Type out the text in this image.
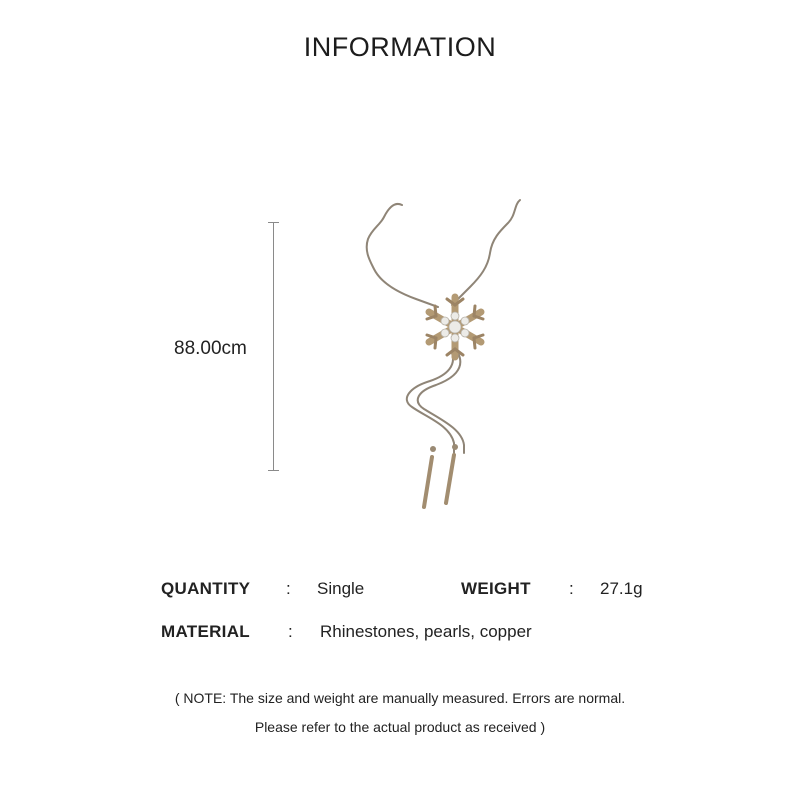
INFORMATION
88.00cm
QUANTITY : Single	WEIGHT : 27.1g
MATERIAL : Rhinestones, pearls, copper
( NOTE: The size and weight are manually measured. Errors are normal.
Please refer to the actual product as received )
